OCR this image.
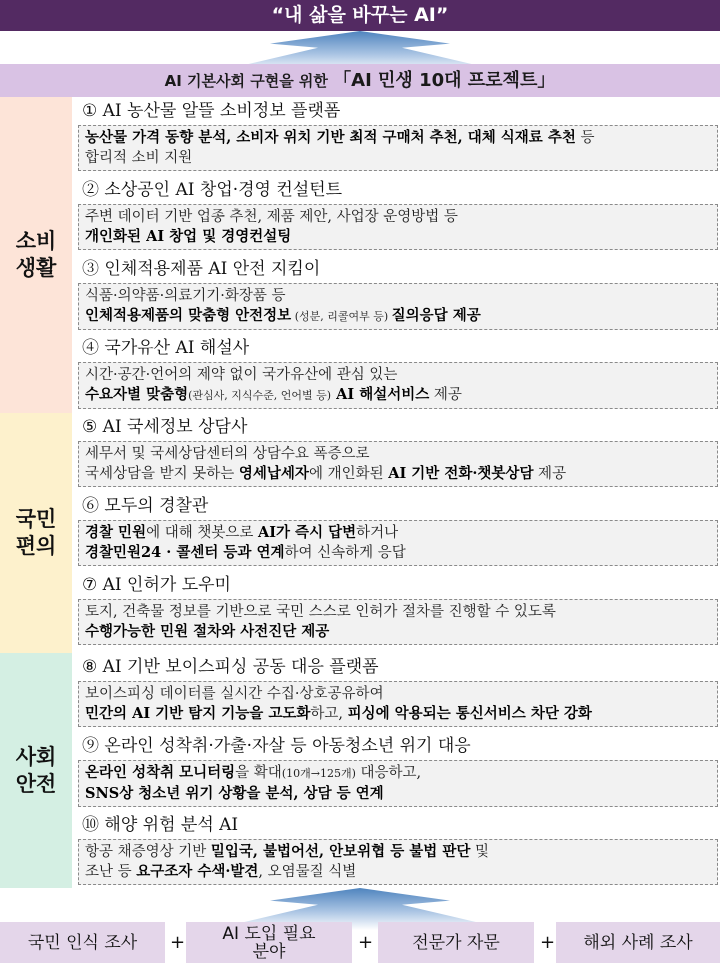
“내 삶을 바꾸는 AI”
AI 기본사회 구현을 위한 「AI 민생 10대 프로젝트」
소비
생활
국민
편의
사회
안전
① AI 농산물 알뜰 소비정보 플랫폼
농산물 가격 동향 분석, 소비자 위치 기반 최적 구매처 추천, 대체 식재료 추천 등
합리적 소비 지원
② 소상공인 AI 창업·경영 컨설턴트
주변 데이터 기반 업종 추천, 제품 제안, 사업장 운영방법 등
개인화된 AI 창업 및 경영컨설팅
③ 인체적용제품 AI 안전 지킴이
식품·의약품·의료기기·화장품 등
인체적용제품의 맞춤형 안전정보 (성분, 리콜여부 등) 질의응답 제공
④ 국가유산 AI 해설사
시간·공간·언어의 제약 없이 국가유산에 관심 있는
수요자별 맞춤형(관심사, 지식수준, 언어별 등) AI 해설서비스 제공
⑤ AI 국세정보 상담사
세무서 및 국세상담센터의 상담수요 폭증으로
국세상담을 받지 못하는 영세납세자에 개인화된 AI 기반 전화·챗봇상담 제공
⑥ 모두의 경찰관
경찰 민원에 대해 챗봇으로 AI가 즉시 답변하거나
경찰민원24 · 콜센터 등과 연계하여 신속하게 응답
⑦ AI 인허가 도우미
토지, 건축물 정보를 기반으로 국민 스스로 인허가 절차를 진행할 수 있도록
수행가능한 민원 절차와 사전진단 제공
⑧ AI 기반 보이스피싱 공동 대응 플랫폼
보이스피싱 데이터를 실시간 수집·상호공유하여
민간의 AI 기반 탐지 기능을 고도화하고, 피싱에 악용되는 통신서비스 차단 강화
⑨ 온라인 성착취·가출·자살 등 아동청소년 위기 대응
온라인 성착취 모니터링을 확대(10개→125개) 대응하고,
SNS상 청소년 위기 상황을 분석, 상담 등 연계
⑩ 해양 위험 분석 AI
항공 채증영상 기반 밀입국, 불법어선, 안보위협 등 불법 판단 및
조난 등 요구조자 수색·발견, 오염물질 식별
국민 인식 조사	+ AI 도입 필요
분야	+	전문가 자문	+	해외 사례 조사
